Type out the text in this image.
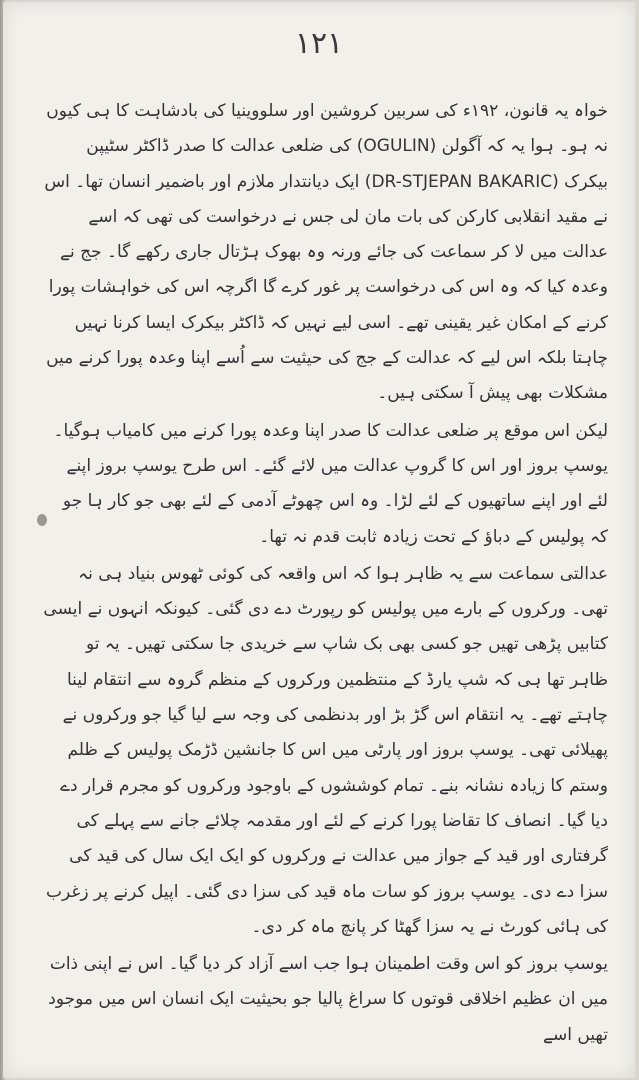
۱۲۱

خواہ یہ قانون، ۱۹۲ء کی سربین کروشین اور سلووینیا کی بادشاہت کا ہی کیوں نہ ہو۔ ہوا یہ کہ آگولن (OGULIN) کی ضلعی عدالت کا صدر ڈاکٹر سٹیپن بیکرک (DR-STJEPAN BAKARIC) ایک دیانتدار ملازم اور باضمیر انسان تھا۔ اس نے مقید انقلابی کارکن کی بات مان لی جس نے درخواست کی تھی کہ اسے عدالت میں لا کر سماعت کی جائے ورنہ وہ بھوک ہڑتال جاری رکھے گا۔ جج نے وعدہ کیا کہ وہ اس کی درخواست پر غور کرے گا اگرچہ اس کی خواہشات پورا کرنے کے امکان غیر یقینی تھے۔ اسی لیے نہیں کہ ڈاکٹر بیکرک ایسا کرنا نہیں چاہتا بلکہ اس لیے کہ عدالت کے جج کی حیثیت سے اُسے اپنا وعدہ پورا کرنے میں مشکلات بھی پیش آ سکتی ہیں۔

لیکن اس موقع پر ضلعی عدالت کا صدر اپنا وعدہ پورا کرنے میں کامیاب ہوگیا۔ یوسپ بروز اور اس کا گروپ عدالت میں لائے گئے۔ اس طرح یوسپ بروز اپنے لئے اور اپنے ساتھیوں کے لئے لڑا۔ وہ اس چھوٹے آدمی کے لئے بھی جو کار ہا جو کہ پولیس کے دباؤ کے تحت زیادہ ثابت قدم نہ تھا۔

عدالتی سماعت سے یہ ظاہر ہوا کہ اس واقعہ کی کوئی ٹھوس بنیاد ہی نہ تھی۔ ورکروں کے بارے میں پولیس کو رپورٹ دے دی گئی۔ کیونکہ انہوں نے ایسی کتابیں پڑھی تھیں جو کسی بھی بک شاپ سے خریدی جا سکتی تھیں۔ یہ تو ظاہر تھا ہی کہ شپ یارڈ کے منتظمین ورکروں کے منظم گروہ سے انتقام لینا چاہتے تھے۔ یہ انتقام اس گڑ بڑ اور بدنظمی کی وجہ سے لیا گیا جو ورکروں نے پھیلائی تھی۔ یوسپ بروز اور پارٹی میں اس کا جانشین ڈڑمک پولیس کے ظلم وستم کا زیادہ نشانہ بنے۔ تمام کوششوں کے باوجود ورکروں کو مجرم قرار دے دیا گیا۔ انصاف کا تقاضا پورا کرنے کے لئے اور مقدمہ چلائے جانے سے پہلے کی گرفتاری اور قید کے جواز میں عدالت نے ورکروں کو ایک ایک سال کی قید کی سزا دے دی۔ یوسپ بروز کو سات ماہ قید کی سزا دی گئی۔ اپیل کرنے پر زغرب کی ہائی کورٹ نے یہ سزا گھٹا کر پانچ ماہ کر دی۔

یوسپ بروز کو اس وقت اطمینان ہوا جب اسے آزاد کر دیا گیا۔ اس نے اپنی ذات میں ان عظیم اخلاقی قوتوں کا سراغ پالیا جو بحیثیت ایک انسان اس میں موجود تھیں اسے
